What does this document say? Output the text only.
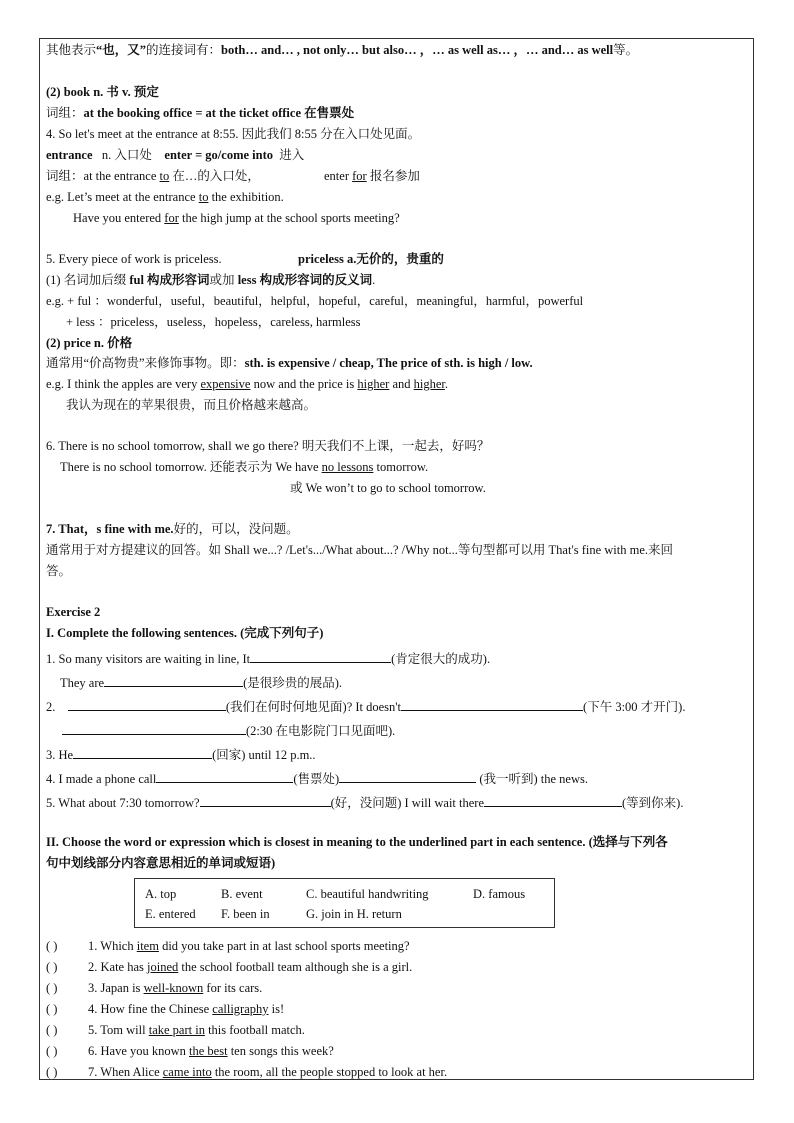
其他表示“也，又”的连接词有：both… and… , not only… but also… ，… as well as… ，… and… as well等。
(2) book n. 书 v. 预定
词组：at the booking office = at the ticket office 在售票处
4. So let's meet at the entrance at 8:55. 因此我们 8:55 分在入口处见面。
entrance n. 入口处 enter = go/come into 进入
词组：at the entrance to 在…的入口处，	enter for 报名参加
e.g. Let’s meet at the entrance to the exhibition.
Have you entered for the high jump at the school sports meeting?
5. Every piece of work is priceless.	priceless a.无价的，贵重的
(1) 名词加后缀 ful 构成形容词或加 less 构成形容词的反义词.
e.g. + ful ：wonderful，useful，beautiful，helpful，hopeful，careful，meaningful，harmful，powerful
+ less ：priceless，useless，hopeless，careless, harmless
(2) price n. 价格
通常用“价高物贵”来修饰事物。即：sth. is expensive / cheap, The price of sth. is high / low.
e.g. I think the apples are very expensive now and the price is higher and higher.
我认为现在的苹果很贵，而且价格越来越高。
6. There is no school tomorrow, shall we go there? 明天我们不上课，一起去，好吗？
There is no school tomorrow. 还能表示为 We have no lessons tomorrow.
或 We won’t to go to school tomorrow.
7. That，s fine with me.好的，可以，没问题。
通常用于对方提建议的回答。如 Shall we...? /Let's.../What about...? /Why not...等句型都可以用 That's fine with me.来回
答。
Exercise 2
I. Complete the following sentences. (完成下列句子)
1. So many visitors are waiting in line, It	(肯定很大的成功).
They are	(是很珍贵的展品).
2.	(我们在何时何地见面)? It doesn't	(下午 3:00 才开门).
(2:30 在电影院门口见面吧).
3. He	(回家) until 12 p.m..
4. I made a phone call	(售票处)	(我一听到) the news.
5. What about 7:30 tomorrow?	(好，没问题) I will wait there	(等到你来).
II. Choose the word or expression which is closest in meaning to the underlined part in each sentence. (选择与下列各
句中划线部分内容意思相近的单词或短语)
A. top	B. event	C. beautiful handwriting	D. famous
E. entered F. been in	G. join in H. return
( ) 1. Which item did you take part in at last school sports meeting?
( ) 2. Kate has joined the school football team although she is a girl.
( ) 3. Japan is well-known for its cars.
( ) 4. How fine the Chinese calligraphy is!
( ) 5. Tom will take part in this football match.
( ) 6. Have you known the best ten songs this week?
( ) 7. When Alice came into the room, all the people stopped to look at her.
